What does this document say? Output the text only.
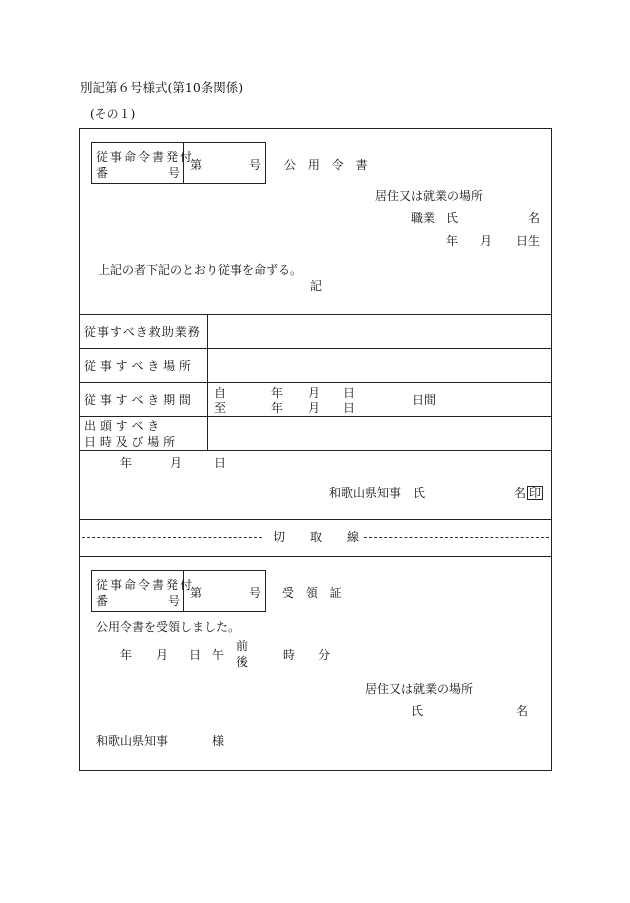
別記第６号様式(第10条関係)
(その１)
従事命令書発付
番	号
第	号 公 用 令 書
居住又は就業の場所
職業 氏	名
年 月 日生
上記の者下記のとおり従事を命ずる。
記
従事すべき救助業務
従 事 す べ き 場 所
従 事 す べ き 期 間 自	年 月 日
至	年 月 日
日間
出 頭 す べ き
日 時 及 び 場 所
年	月	日
和歌山県知事 氏	名 印
切 取 線
従事命令書発付
番	号
第	号 受 領 証
公用令書を受領しました。
年 月 日 午
前
後	時 分
居住又は就業の場所
氏	名
和歌山県知事	様
